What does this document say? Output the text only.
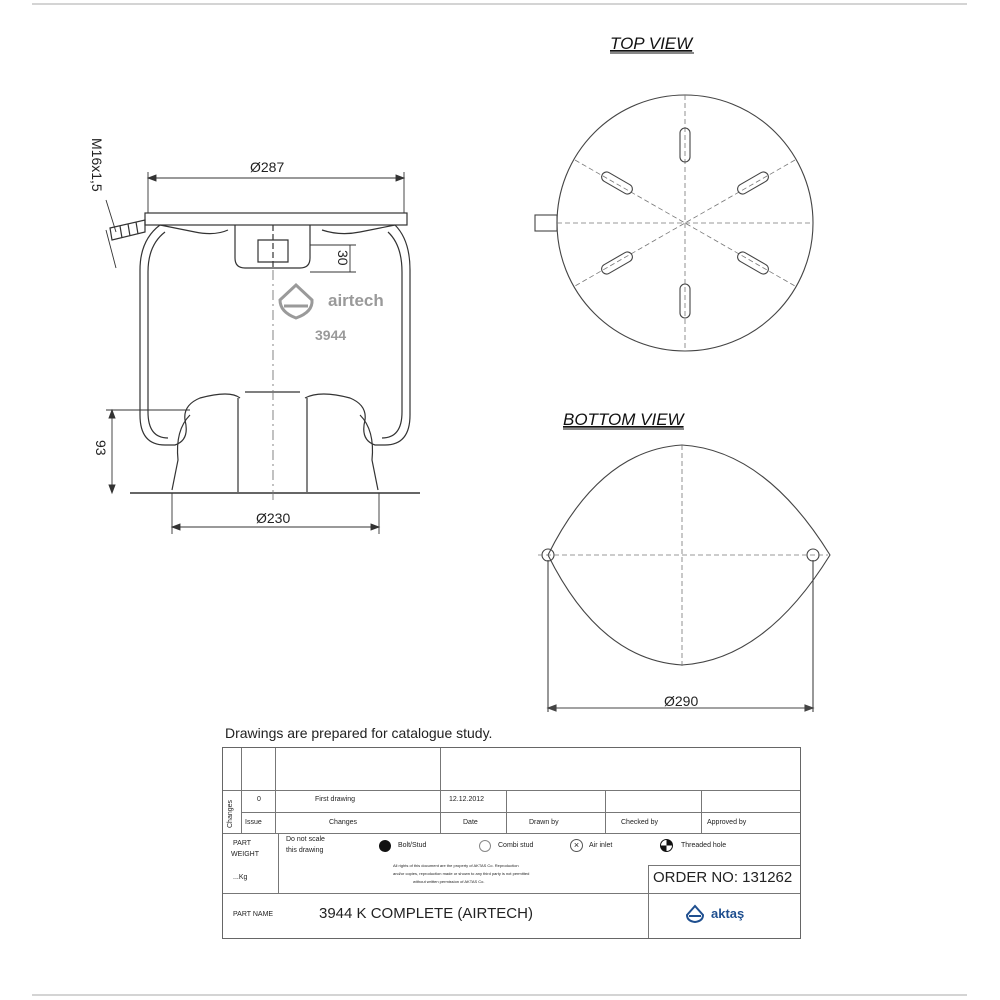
airtech
3944
Ø287
M16x1,5
30
93
Ø230
TOP VIEW
BOTTOM VIEW
Ø290
Drawings are prepared for catalogue study.
Changes
0	First drawing	12.12.2012
Issue	Changes	Date	Drawn by	Checked by	Approved by
PART
WEIGHT
...Kg
Do not scale
this drawing
Bolt/Stud	Combi stud	×	Air inlet	Threaded hole
All rights of this document are the property of AKTAS Co. Reproduction
and/or copies, reproduction made or shown to any third party is not permitted
without written permission of AKTAS Co.	ORDER NO: 131262
PART NAME	3944 K COMPLETE (AIRTECH)	aktaş
